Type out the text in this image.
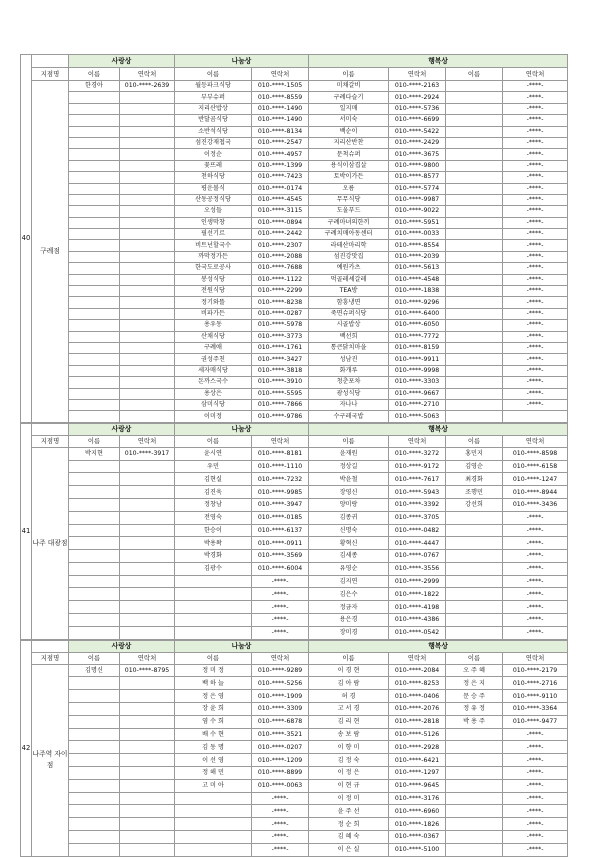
40		사랑상		나눔상		행복상			
	지점명	이름	연락처	이름	연락처	이름	연락처	이름	연락처
	구례점	한경아	010-****-2639	월등파크식당	010-****-1505	미채갈비	010-****-2163		-****-
				부부슈퍼	010-****-8559	구례다슬기	010-****-2924		-****-
				지리산밥상	010-****-1490	일지매	010-****-5736		-****-
				반달곰식당	010-****-1490	서미숙	010-****-6699		-****-
				소반석식당	010-****-8134	백순이	010-****-5422		-****-
				섬진강재첩국	010-****-2547	지리산반찬	010-****-2429		-****-
				이정순	010-****-4957	문척슈퍼	010-****-3675		-****-
				꽃뜨레	010-****-1399	용식이삼겹살	010-****-9800		-****-
				천하식당	010-****-7423	토박이가든	010-****-8577		-****-
				평운볼식	010-****-0174	오름	010-****-5774		-****-
				산동공정식당	010-****-4545	무무식당	010-****-9987		-****-
				오성들	010-****-3115	도울푸드	010-****-9022		-****-
				인생막창	010-****-0894	구례마녀의한끼	010-****-5951		-****-
				필선기르	010-****-2442	구례치매아동센터	010-****-0033		-****-
				비트넌할국수	010-****-2307	라테산마리학	010-****-8554		-****-
				까막정가든	010-****-2088	섬진강맛집	010-****-2039		-****-
				한국도로공사	010-****-7688	예원카츠	010-****-5613		-****-
				봉성식당	010-****-1122	먹골레셰갈레	010-****-4548		-****-
				전원식당	010-****-2299	TEA방	010-****-1838		-****-
				정기와뜰	010-****-8238	함흥냉면	010-****-9296		-****-
				비파가든	010-****-0287	죽면슈퍼식당	010-****-6400		-****-
				용우동	010-****-5978	시골밥상	010-****-6050		-****-
				산채식당	010-****-3773	백선희	010-****-7772		-****-
				구례애	010-****-1761	통큰닭치마을	010-****-8159		-****-
				권성주친	010-****-3427	성남진	010-****-9911		-****-
				세자매식당	010-****-3818	화개루	010-****-9998		-****-
				돈까스국수	010-****-3910	청춘포차	010-****-3303		-****-
				용상은	010-****-5595	광성식당	010-****-9667		-****-
				삼미식당	010-****-7866	자나나	010-****-2710		-****-
				이미정	010-****-9786	수구레국밥	010-****-5063		
41		사랑상		나눔상		행복상			
	지점명	이름	연락처	이름	연락처	이름	연락처	이름	연락처
	나주 대광점	박지현	010-****-3917	윤시연	010-****-8181	윤재원	010-****-3272	홍민지	010-****-8598
				우민	010-****-1110	정상길	010-****-9172	김영순	010-****-6158
				김현실	010-****-7232	박윤철	010-****-7617	최경화	010-****-1247
				김진욱	010-****-9985	장영신	010-****-5943	조행민	010-****-8944
				정창남	010-****-3947	양미랑	010-****-3392	강선희	010-****-3436
				전영숙	010-****-0185	김종귀	010-****-3705		-****-
				한승이	010-****-6137	신명숙	010-****-0482		-****-
				박용왁	010-****-0911	황혁신	010-****-4447		-****-
				박경화	010-****-3569	김세종	010-****-0767		-****-
				김광수	010-****-6004	유영순	010-****-3556		-****-
					-****-	김지연	010-****-2999		-****-
					-****-	김은수	010-****-1822		-****-
					-****-	정금자	010-****-4198		-****-
					-****-	용은경	010-****-4386		-****-
					-****-	장미경	010-****-0542		-****-
42		사랑상		나눔상		행복상			
	지점명	이름	연락처	이름	연락처	이름	연락처	이름	연락처
	나주역 자이점	김명신	010-****-8795	정 미 정	010-****-9289	이 경 현	010-****-2084	오 주 혜	010-****-2179
				백 하 늘	010-****-5256	김 아 람	010-****-8253	정 은 지	010-****-2716
				정 은 영	010-****-1909	허 경	010-****-0406	문 승 주	010-****-9110
				장 윤 희	010-****-3309	고 서 경	010-****-2076	정 유 정	010-****-3364
				염 수 희	010-****-6878	김 리 현	010-****-2818	박 용 주	010-****-9477
				배 수 현	010-****-3521	송 보 람	010-****-5126		-****-
				김 동 명	010-****-0207	이 향 미	010-****-2928		-****-
				이 선 영	010-****-1209	김 정 숙	010-****-6421		-****-
				정 해 민	010-****-8899	이 정 은	010-****-1297		-****-
				고 미 아	010-****-0063	이 현 규	010-****-9645		-****-
					-****-	이 정 미	010-****-3176		-****-
					-****-	윤 주 선	010-****-6960		-****-
					-****-	정 순 희	010-****-1826		-****-
					-****-	김 혜 숙	010-****-0367		-****-
					-****-	이 은 실	010-****-5100		-****-
